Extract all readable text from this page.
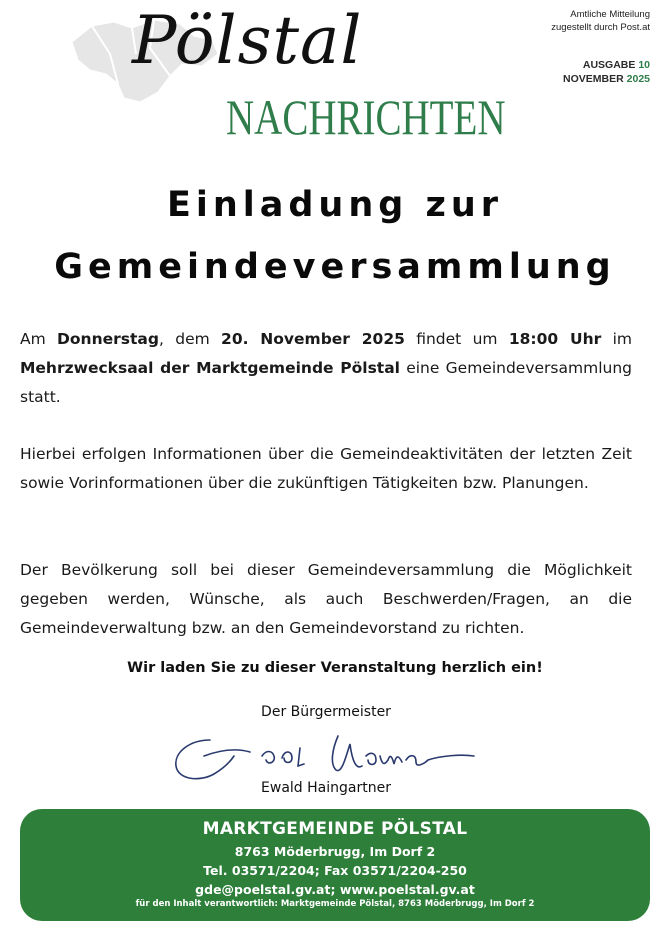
Pölstal
NACHRICHTEN
Amtliche Mitteilung
zugestellt durch Post.at
AUSGABE 10
NOVEMBER 2025
Einladung zur
Gemeindeversammlung

Am Donnerstag, dem 20. November 2025 findet um 18:00 Uhr im Mehrzwecksaal der Marktgemeinde Pölstal eine Gemeindeversammlung statt.

Hierbei erfolgen Informationen über die Gemeindeaktivitäten der letzten Zeit sowie Vorinformationen über die zukünftigen Tätigkeiten bzw. Planungen.

Der Bevölkerung soll bei dieser Gemeindeversammlung die Möglichkeit gegeben werden, Wünsche, als auch Beschwerden/Fragen, an die Gemeindeverwaltung bzw. an den Gemeindevorstand zu richten.

Wir laden Sie zu dieser Veranstaltung herzlich ein!
Der Bürgermeister
Ewald Haingartner
MARKTGEMEINDE PÖLSTAL
8763 Möderbrugg, Im Dorf 2
Tel. 03571/2204; Fax 03571/2204-250
gde@poelstal.gv.at; www.poelstal.gv.at
für den Inhalt verantwortlich: Marktgemeinde Pölstal, 8763 Möderbrugg, Im Dorf 2
